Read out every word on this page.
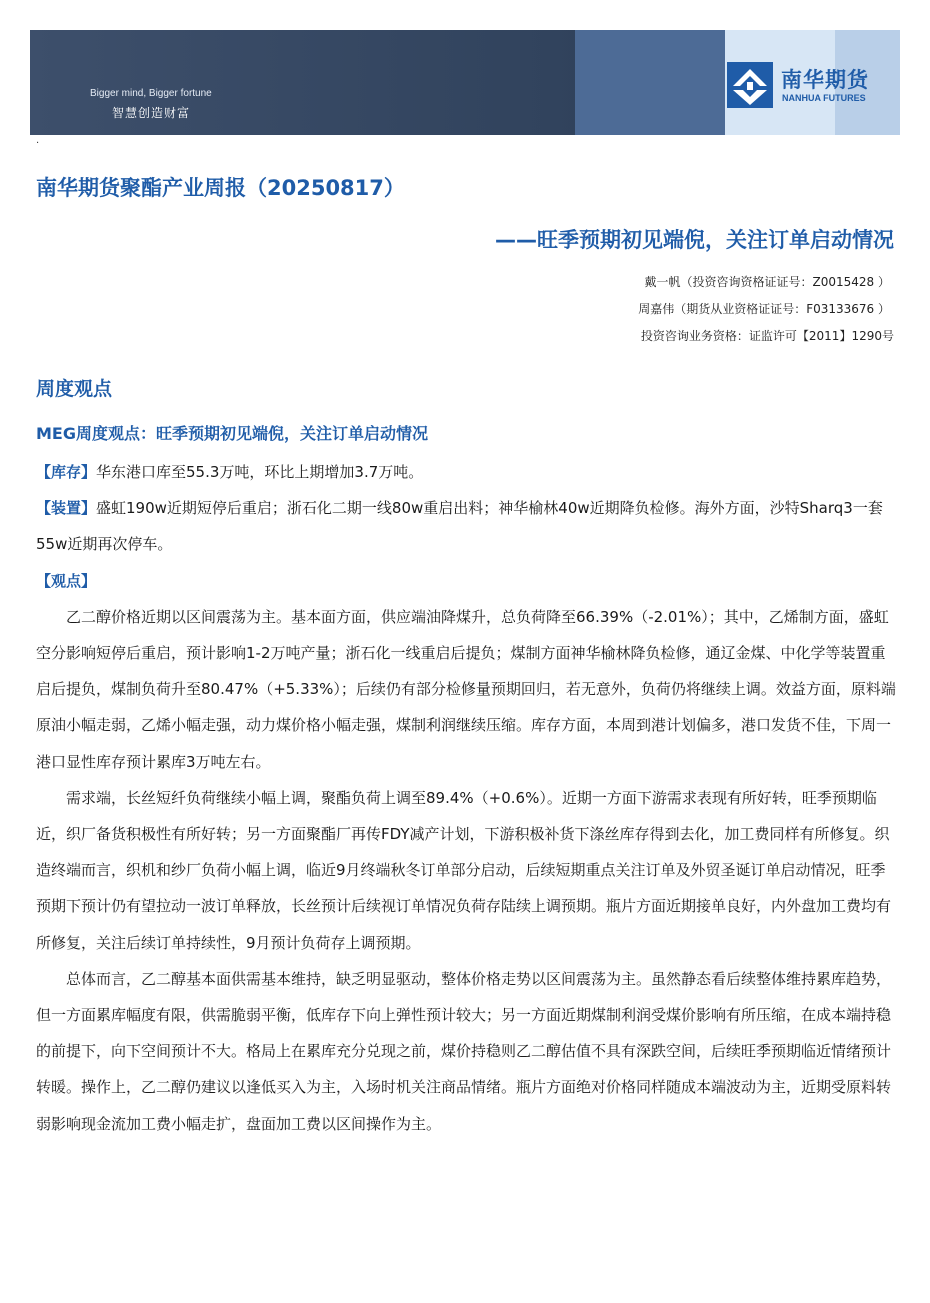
Bigger mind, Bigger fortune
智慧创造财富
南华期货
NANHUA FUTURES
·
南华期货聚酯产业周报（20250817）
——旺季预期初见端倪，关注订单启动情况
戴一帆（投资咨询资格证证号：Z0015428 ）
周嘉伟（期货从业资格证证号：F03133676 ）
投资咨询业务资格：证监许可【2011】1290号
周度观点
MEG周度观点：旺季预期初见端倪，关注订单启动情况

【库存】华东港口库至55.3万吨，环比上期增加3.7万吨。

【装置】盛虹190w近期短停后重启；浙石化二期一线80w重启出料；神华榆林40w近期降负检修。海外方面，沙特Sharq3一套55w近期再次停车。

【观点】

乙二醇价格近期以区间震荡为主。基本面方面，供应端油降煤升，总负荷降至66.39%（-2.01%）；其中，乙烯制方面，盛虹空分影响短停后重启，预计影响1-2万吨产量；浙石化一线重启后提负；煤制方面神华榆林降负检修，通辽金煤、中化学等装置重启后提负，煤制负荷升至80.47%（+5.33%）；后续仍有部分检修量预期回归，若无意外，负荷仍将继续上调。效益方面，原料端原油小幅走弱，乙烯小幅走强，动力煤价格小幅走强，煤制利润继续压缩。库存方面，本周到港计划偏多，港口发货不佳，下周一港口显性库存预计累库3万吨左右。

需求端，长丝短纤负荷继续小幅上调，聚酯负荷上调至89.4%（+0.6%）。近期一方面下游需求表现有所好转，旺季预期临近，织厂备货积极性有所好转；另一方面聚酯厂再传FDY减产计划，下游积极补货下涤丝库存得到去化，加工费同样有所修复。织造终端而言，织机和纱厂负荷小幅上调，临近9月终端秋冬订单部分启动，后续短期重点关注订单及外贸圣诞订单启动情况，旺季预期下预计仍有望拉动一波订单释放，长丝预计后续视订单情况负荷存陆续上调预期。瓶片方面近期接单良好，内外盘加工费均有所修复，关注后续订单持续性，9月预计负荷存上调预期。

总体而言，乙二醇基本面供需基本维持，缺乏明显驱动，整体价格走势以区间震荡为主。虽然静态看后续整体维持累库趋势，但一方面累库幅度有限，供需脆弱平衡，低库存下向上弹性预计较大；另一方面近期煤制利润受煤价影响有所压缩，在成本端持稳的前提下，向下空间预计不大。格局上在累库充分兑现之前，煤价持稳则乙二醇估值不具有深跌空间，后续旺季预期临近情绪预计转暖。操作上，乙二醇仍建议以逢低买入为主，入场时机关注商品情绪。瓶片方面绝对价格同样随成本端波动为主，近期受原料转弱影响现金流加工费小幅走扩，盘面加工费以区间操作为主。
